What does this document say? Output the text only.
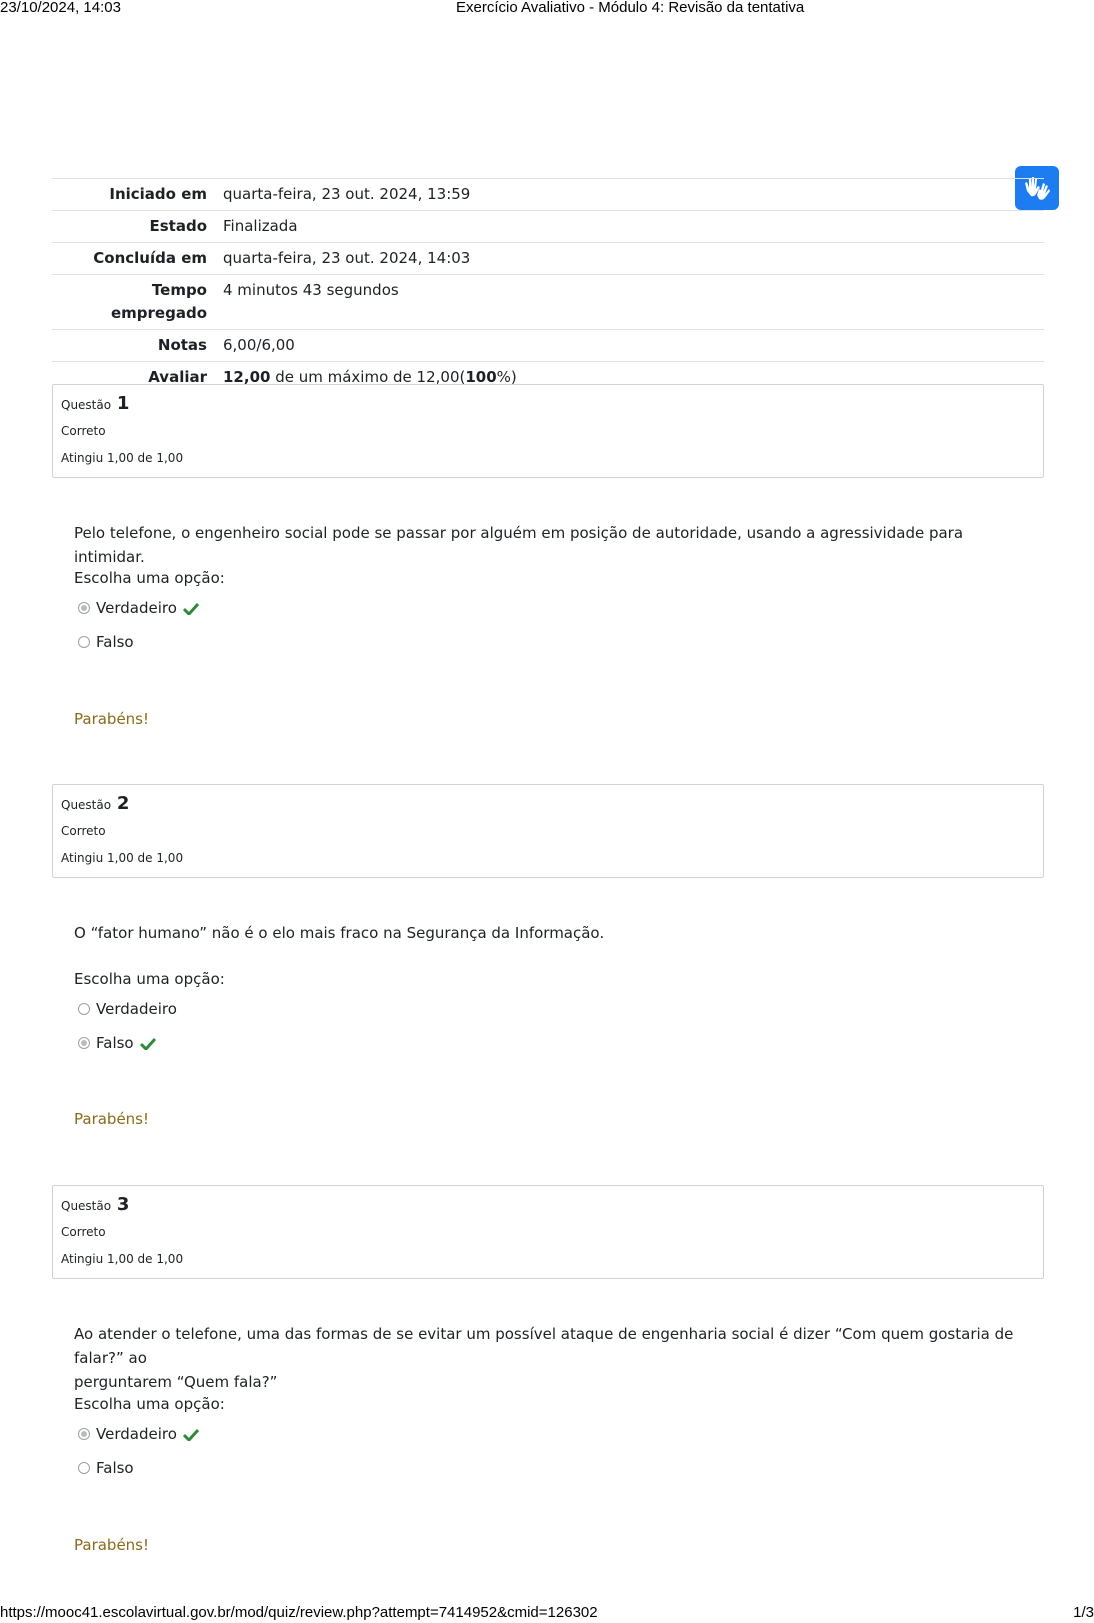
23/10/2024, 14:03	Exercício Avaliativo - Módulo 4: Revisão da tentativa
Iniciado em	quarta-feira, 23 out. 2024, 13:59
Estado	Finalizada
Concluída em	quarta-feira, 23 out. 2024, 14:03
Tempo
empregado	4 minutos 43 segundos
Notas	6,00/6,00
Avaliar	12,00 de um máximo de 12,00(100%)
Questão 1
Correto
Atingiu 1,00 de 1,00
Pelo telefone, o engenheiro social pode se passar por alguém em posição de autoridade, usando a agressividade para intimidar.
Escolha uma opção:
Verdadeiro
Falso
Parabéns!
Questão 2
Correto
Atingiu 1,00 de 1,00
O “fator humano” não é o elo mais fraco na Segurança da Informação.
Escolha uma opção:
Verdadeiro
Falso
Parabéns!
Questão 3
Correto
Atingiu 1,00 de 1,00
Ao atender o telefone, uma das formas de se evitar um possível ataque de engenharia social é dizer “Com quem gostaria de falar?” ao
perguntarem “Quem fala?”
Escolha uma opção:
Verdadeiro
Falso
Parabéns!
https://mooc41.escolavirtual.gov.br/mod/quiz/review.php?attempt=7414952&cmid=126302	1/3
